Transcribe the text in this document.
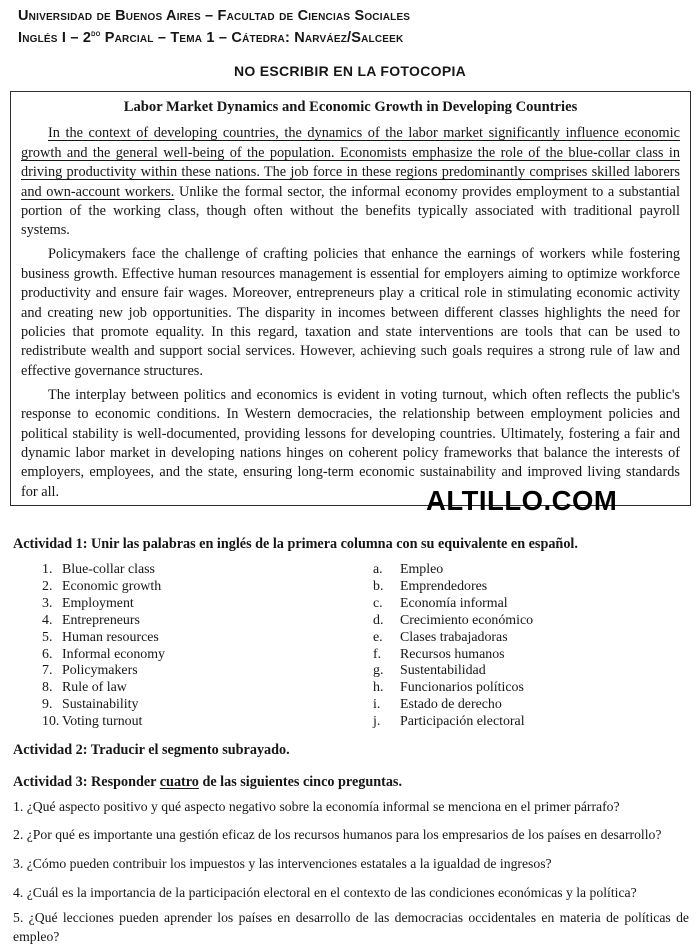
Universidad de Buenos Aires – Facultad de Ciencias Sociales
Inglés I – $2^{do}$ Parcial – Tema 1 – Cátedra: Narváez/Salceek
NO ESCRIBIR EN LA FOTOCOPIA
Labor Market Dynamics and Economic Growth in Developing Countries

In the context of developing countries, the dynamics of the labor market significantly influence economic growth and the general well-being of the population. Economists emphasize the role of the blue-collar class in driving productivity within these nations. The job force in these regions predominantly comprises skilled laborers and own-account workers. Unlike the formal sector, the informal economy provides employment to a substantial portion of the working class, though often without the benefits typically associated with traditional payroll systems.

Policymakers face the challenge of crafting policies that enhance the earnings of workers while fostering business growth. Effective human resources management is essential for employers aiming to optimize workforce productivity and ensure fair wages. Moreover, entrepreneurs play a critical role in stimulating economic activity and creating new job opportunities. The disparity in incomes between different classes highlights the need for policies that promote equality. In this regard, taxation and state interventions are tools that can be used to redistribute wealth and support social services. However, achieving such goals requires a strong rule of law and effective governance structures.

The interplay between politics and economics is evident in voting turnout, which often reflects the public's response to economic conditions. In Western democracies, the relationship between employment policies and political stability is well-documented, providing lessons for developing countries. Ultimately, fostering a fair and dynamic labor market in developing nations hinges on coherent policy frameworks that balance the interests of employers, employees, and the state, ensuring long-term economic sustainability and improved living standards for all.	ALTILLO.COM
Actividad 1: Unir las palabras en inglés de la primera columna con su equivalente en español.
1. Blue-collar class	a.	Empleo
2. Economic growth	b.	Emprendedores
3. Employment	c.	Economía informal
4. Entrepreneurs	d.	Crecimiento económico
5. Human resources	e.	Clases trabajadoras
6. Informal economy	f.	Recursos humanos
7. Policymakers	g.	Sustentabilidad
8. Rule of law	h.	Funcionarios políticos
9. Sustainability	i.	Estado de derecho
10. Voting turnout	j.	Participación electoral
Actividad 2: Traducir el segmento subrayado.
Actividad 3: Responder cuatro de las siguientes cinco preguntas.
1. ¿Qué aspecto positivo y qué aspecto negativo sobre la economía informal se menciona en el primer párrafo?
2. ¿Por qué es importante una gestión eficaz de los recursos humanos para los empresarios de los países en desarrollo?
3. ¿Cómo pueden contribuir los impuestos y las intervenciones estatales a la igualdad de ingresos?
4. ¿Cuál es la importancia de la participación electoral en el contexto de las condiciones económicas y la política?
5. ¿Qué lecciones pueden aprender los países en desarrollo de las democracias occidentales en materia de políticas de empleo?
